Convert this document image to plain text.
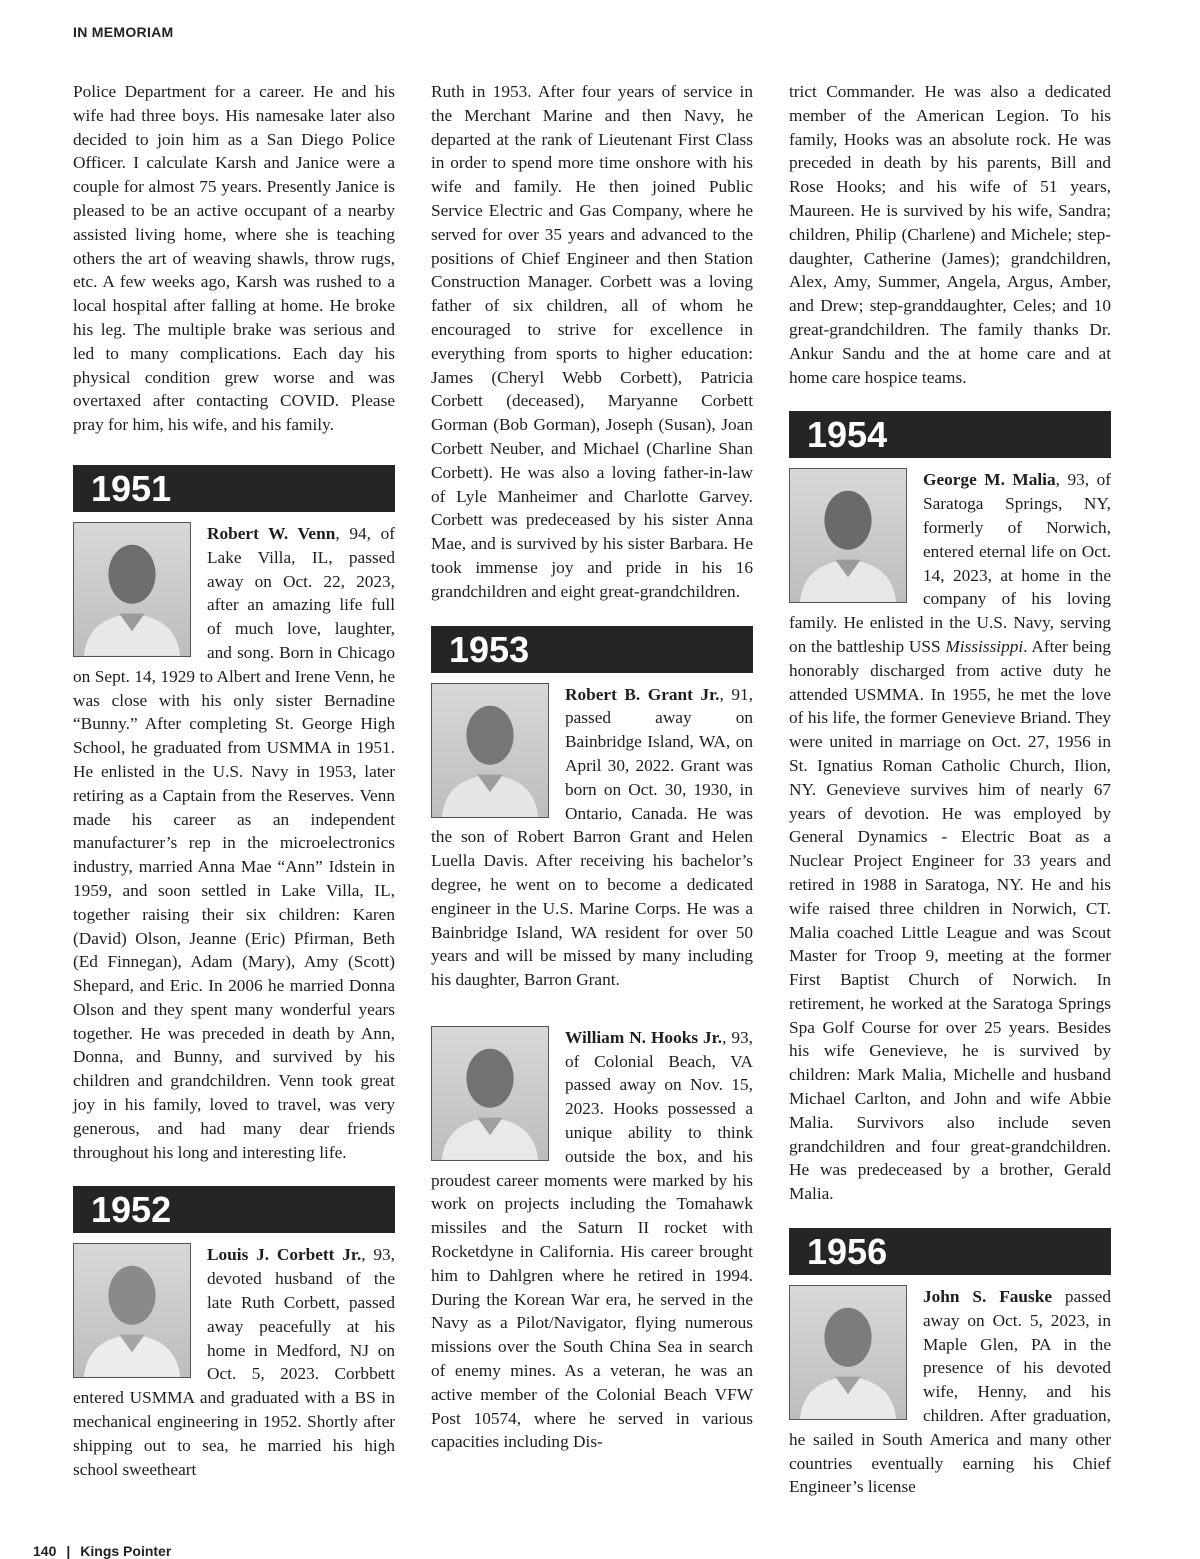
IN MEMORIAM

Police Department for a career. He and his wife had three boys. His namesake later also decided to join him as a San Diego Police Officer. I calculate Karsh and Janice were a couple for almost 75 years. Presently Janice is pleased to be an active occupant of a nearby assisted living home, where she is teaching others the art of weaving shawls, throw rugs, etc. A few weeks ago, Karsh was rushed to a local hospital after falling at home. He broke his leg. The multiple brake was serious and led to many complications. Each day his physical condition grew worse and was overtaxed after contacting COVID. Please pray for him, his wife, and his family.

1951

Robert W. Venn, 94, of Lake Villa, IL, passed away on Oct. 22, 2023, after an amazing life full of much love, laughter, and song. Born in Chicago on Sept. 14, 1929 to Albert and Irene Venn, he was close with his only sister Bernadine “Bunny.” After completing St. George High School, he graduated from USMMA in 1951. He enlisted in the U.S. Navy in 1953, later retiring as a Captain from the Reserves. Venn made his career as an independent manufacturer’s rep in the microelectronics industry, married Anna Mae “Ann” Idstein in 1959, and soon settled in Lake Villa, IL, together raising their six children: Karen (David) Olson, Jeanne (Eric) Pfirman, Beth (Ed Finnegan), Adam (Mary), Amy (Scott) Shepard, and Eric. In 2006 he married Donna Olson and they spent many wonderful years together. He was preceded in death by Ann, Donna, and Bunny, and survived by his children and grandchildren. Venn took great joy in his family, loved to travel, was very generous, and had many dear friends throughout his long and interesting life.

1952

Louis J. Corbett Jr., 93, devoted husband of the late Ruth Corbett, passed away peacefully at his home in Medford, NJ on Oct. 5, 2023. Corbbett entered USMMA and graduated with a BS in mechanical engineering in 1952. Shortly after shipping out to sea, he married his high school sweetheart

Ruth in 1953. After four years of service in the Merchant Marine and then Navy, he departed at the rank of Lieutenant First Class in order to spend more time onshore with his wife and family. He then joined Public Service Electric and Gas Company, where he served for over 35 years and advanced to the positions of Chief Engineer and then Station Construction Manager. Corbett was a loving father of six children, all of whom he encouraged to strive for excellence in everything from sports to higher education: James (Cheryl Webb Corbett), Patricia Corbett (deceased), Maryanne Corbett Gorman (Bob Gorman), Joseph (Susan), Joan Corbett Neuber, and Michael (Charline Shan Corbett). He was also a loving father-in-law of Lyle Manheimer and Charlotte Garvey. Corbett was predeceased by his sister Anna Mae, and is survived by his sister Barbara. He took immense joy and pride in his 16 grandchildren and eight great-grandchildren.

1953

Robert B. Grant Jr., 91, passed away on Bainbridge Island, WA, on April 30, 2022. Grant was born on Oct. 30, 1930, in Ontario, Canada. He was the son of Robert Barron Grant and Helen Luella Davis. After receiving his bachelor’s degree, he went on to become a dedicated engineer in the U.S. Marine Corps. He was a Bainbridge Island, WA resident for over 50 years and will be missed by many including his daughter, Barron Grant.

William N. Hooks Jr., 93, of Colonial Beach, VA passed away on Nov. 15, 2023. Hooks possessed a unique ability to think outside the box, and his proudest career moments were marked by his work on projects including the Tomahawk missiles and the Saturn II rocket with Rocketdyne in California. His career brought him to Dahlgren where he retired in 1994. During the Korean War era, he served in the Navy as a Pilot/Navigator, flying numerous missions over the South China Sea in search of enemy mines. As a veteran, he was an active member of the Colonial Beach VFW Post 10574, where he served in various capacities including Dis-

trict Commander. He was also a dedicated member of the American Legion. To his family, Hooks was an absolute rock. He was preceded in death by his parents, Bill and Rose Hooks; and his wife of 51 years, Maureen. He is survived by his wife, Sandra; children, Philip (Charlene) and Michele; step-daughter, Catherine (James); grandchildren, Alex, Amy, Summer, Angela, Argus, Amber, and Drew; step-granddaughter, Celes; and 10 great-grandchildren. The family thanks Dr. Ankur Sandu and the at home care and at home care hospice teams.

1954

George M. Malia, 93, of Saratoga Springs, NY, formerly of Norwich, entered eternal life on Oct. 14, 2023, at home in the company of his loving family. He enlisted in the U.S. Navy, serving on the battleship USS Mississippi. After being honorably discharged from active duty he attended USMMA. In 1955, he met the love of his life, the former Genevieve Briand. They were united in marriage on Oct. 27, 1956 in St. Ignatius Roman Catholic Church, Ilion, NY. Genevieve survives him of nearly 67 years of devotion. He was employed by General Dynamics - Electric Boat as a Nuclear Project Engineer for 33 years and retired in 1988 in Saratoga, NY. He and his wife raised three children in Norwich, CT. Malia coached Little League and was Scout Master for Troop 9, meeting at the former First Baptist Church of Norwich. In retirement, he worked at the Saratoga Springs Spa Golf Course for over 25 years. Besides his wife Genevieve, he is survived by children: Mark Malia, Michelle and husband Michael Carlton, and John and wife Abbie Malia. Survivors also include seven grandchildren and four great-grandchildren. He was predeceased by a brother, Gerald Malia.

1956

John S. Fauske passed away on Oct. 5, 2023, in Maple Glen, PA in the presence of his devoted wife, Henny, and his children. After graduation, he sailed in South America and many other countries eventually earning his Chief Engineer’s license

140 | Kings Pointer
